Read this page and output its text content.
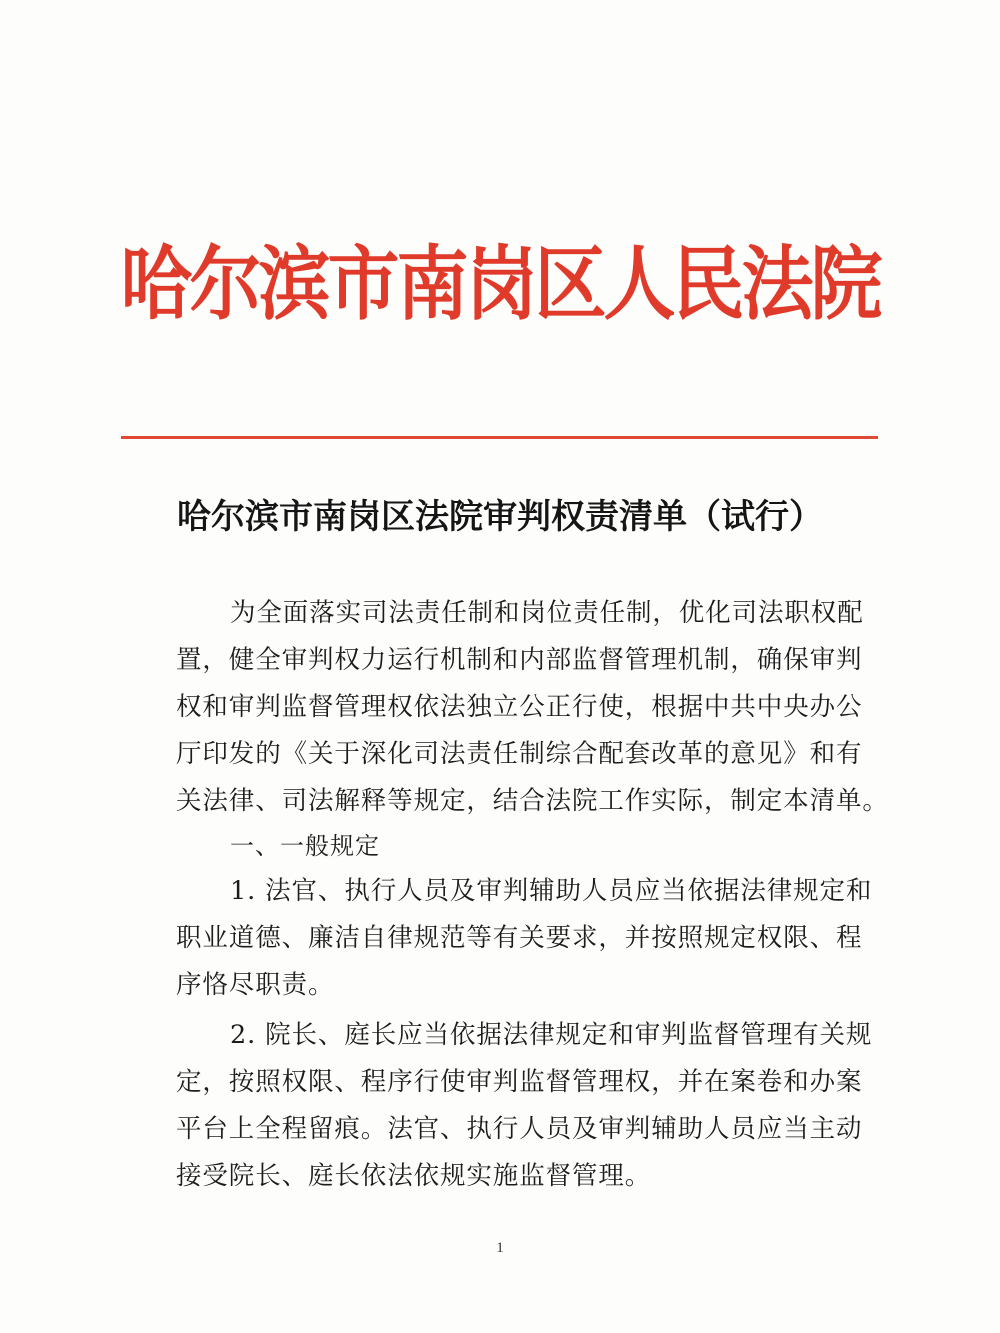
哈尔滨市南岗区人民法院
哈尔滨市南岗区法院审判权责清单（试行）
为全面落实司法责任制和岗位责任制，优化司法职权配
置，健全审判权力运行机制和内部监督管理机制，确保审判
权和审判监督管理权依法独立公正行使，根据中共中央办公
厅印发的《关于深化司法责任制综合配套改革的意见》和有
关法律、司法解释等规定，结合法院工作实际，制定本清单。
一、一般规定
1. 法官、执行人员及审判辅助人员应当依据法律规定和
职业道德、廉洁自律规范等有关要求，并按照规定权限、程
序恪尽职责。
2. 院长、庭长应当依据法律规定和审判监督管理有关规
定，按照权限、程序行使审判监督管理权，并在案卷和办案
平台上全程留痕。法官、执行人员及审判辅助人员应当主动
接受院长、庭长依法依规实施监督管理。
1
